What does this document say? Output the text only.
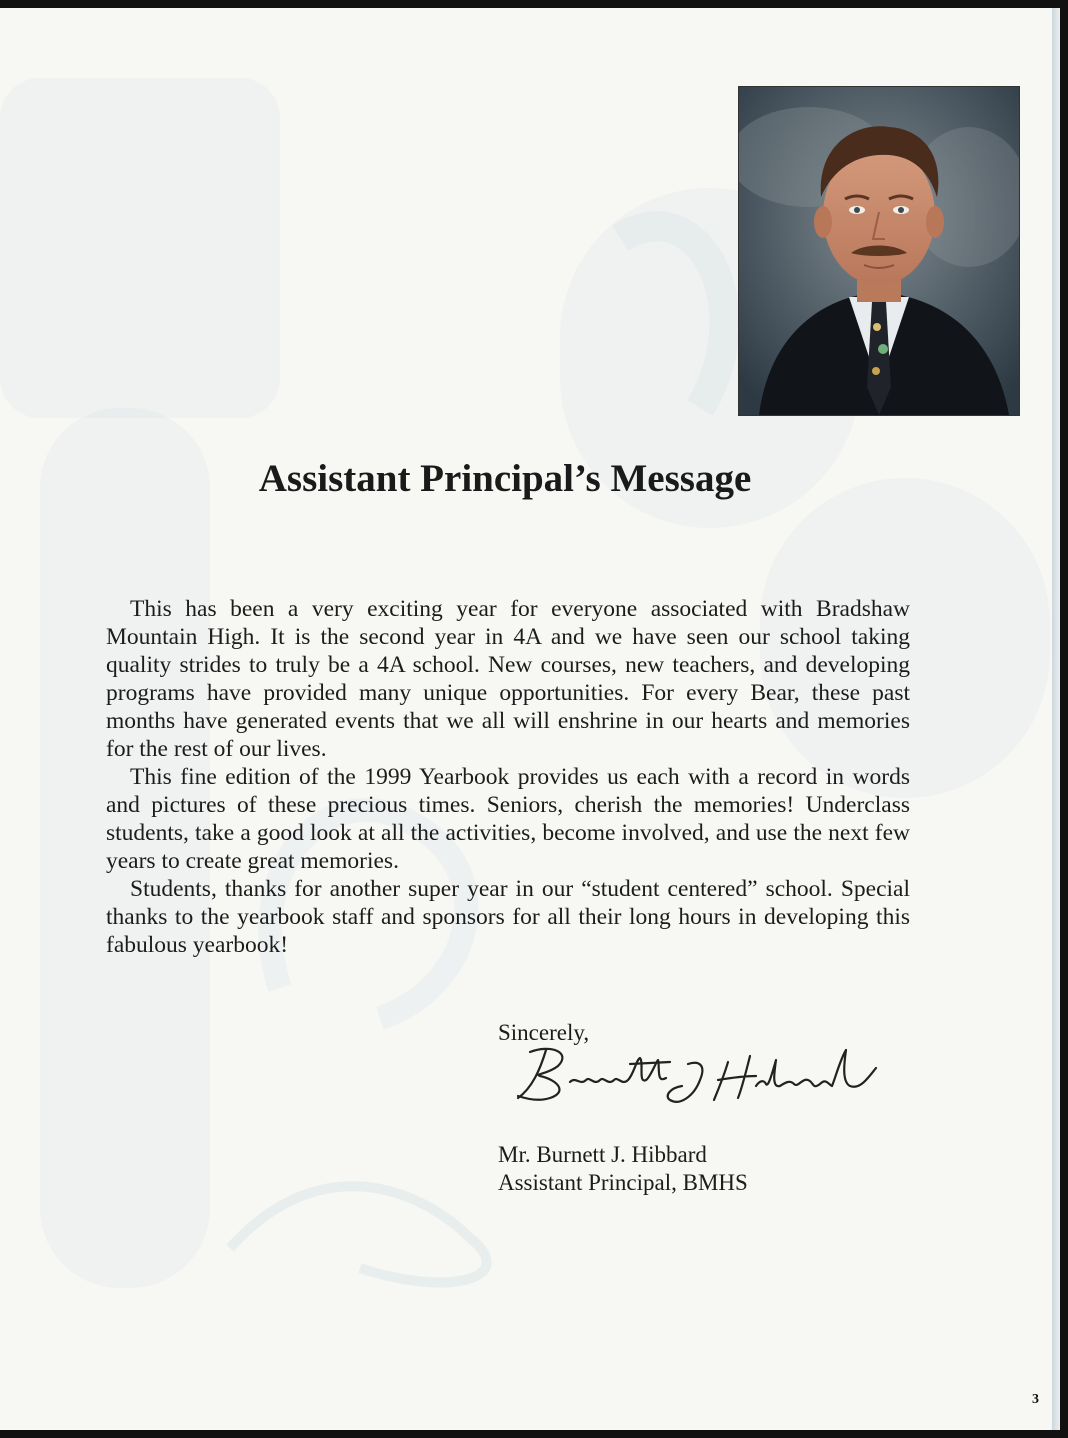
Assistant Principal’s Message

This has been a very exciting year for everyone associated with Bradshaw Mountain High. It is the second year in 4A and we have seen our school taking quality strides to truly be a 4A school. New courses, new teachers, and developing programs have provided many unique opportunities. For every Bear, these past months have generated events that we all will enshrine in our hearts and memories for the rest of our lives.

This fine edition of the 1999 Yearbook provides us each with a record in words and pictures of these precious times. Seniors, cherish the memories! Underclass students, take a good look at all the activities, become involved, and use the next few years to create great memories.

Students, thanks for another super year in our “student centered” school. Special thanks to the yearbook staff and sponsors for all their long hours in developing this fabulous yearbook!

Sincerely,
Mr. Burnett J. Hibbard
Assistant Principal, BMHS
3
